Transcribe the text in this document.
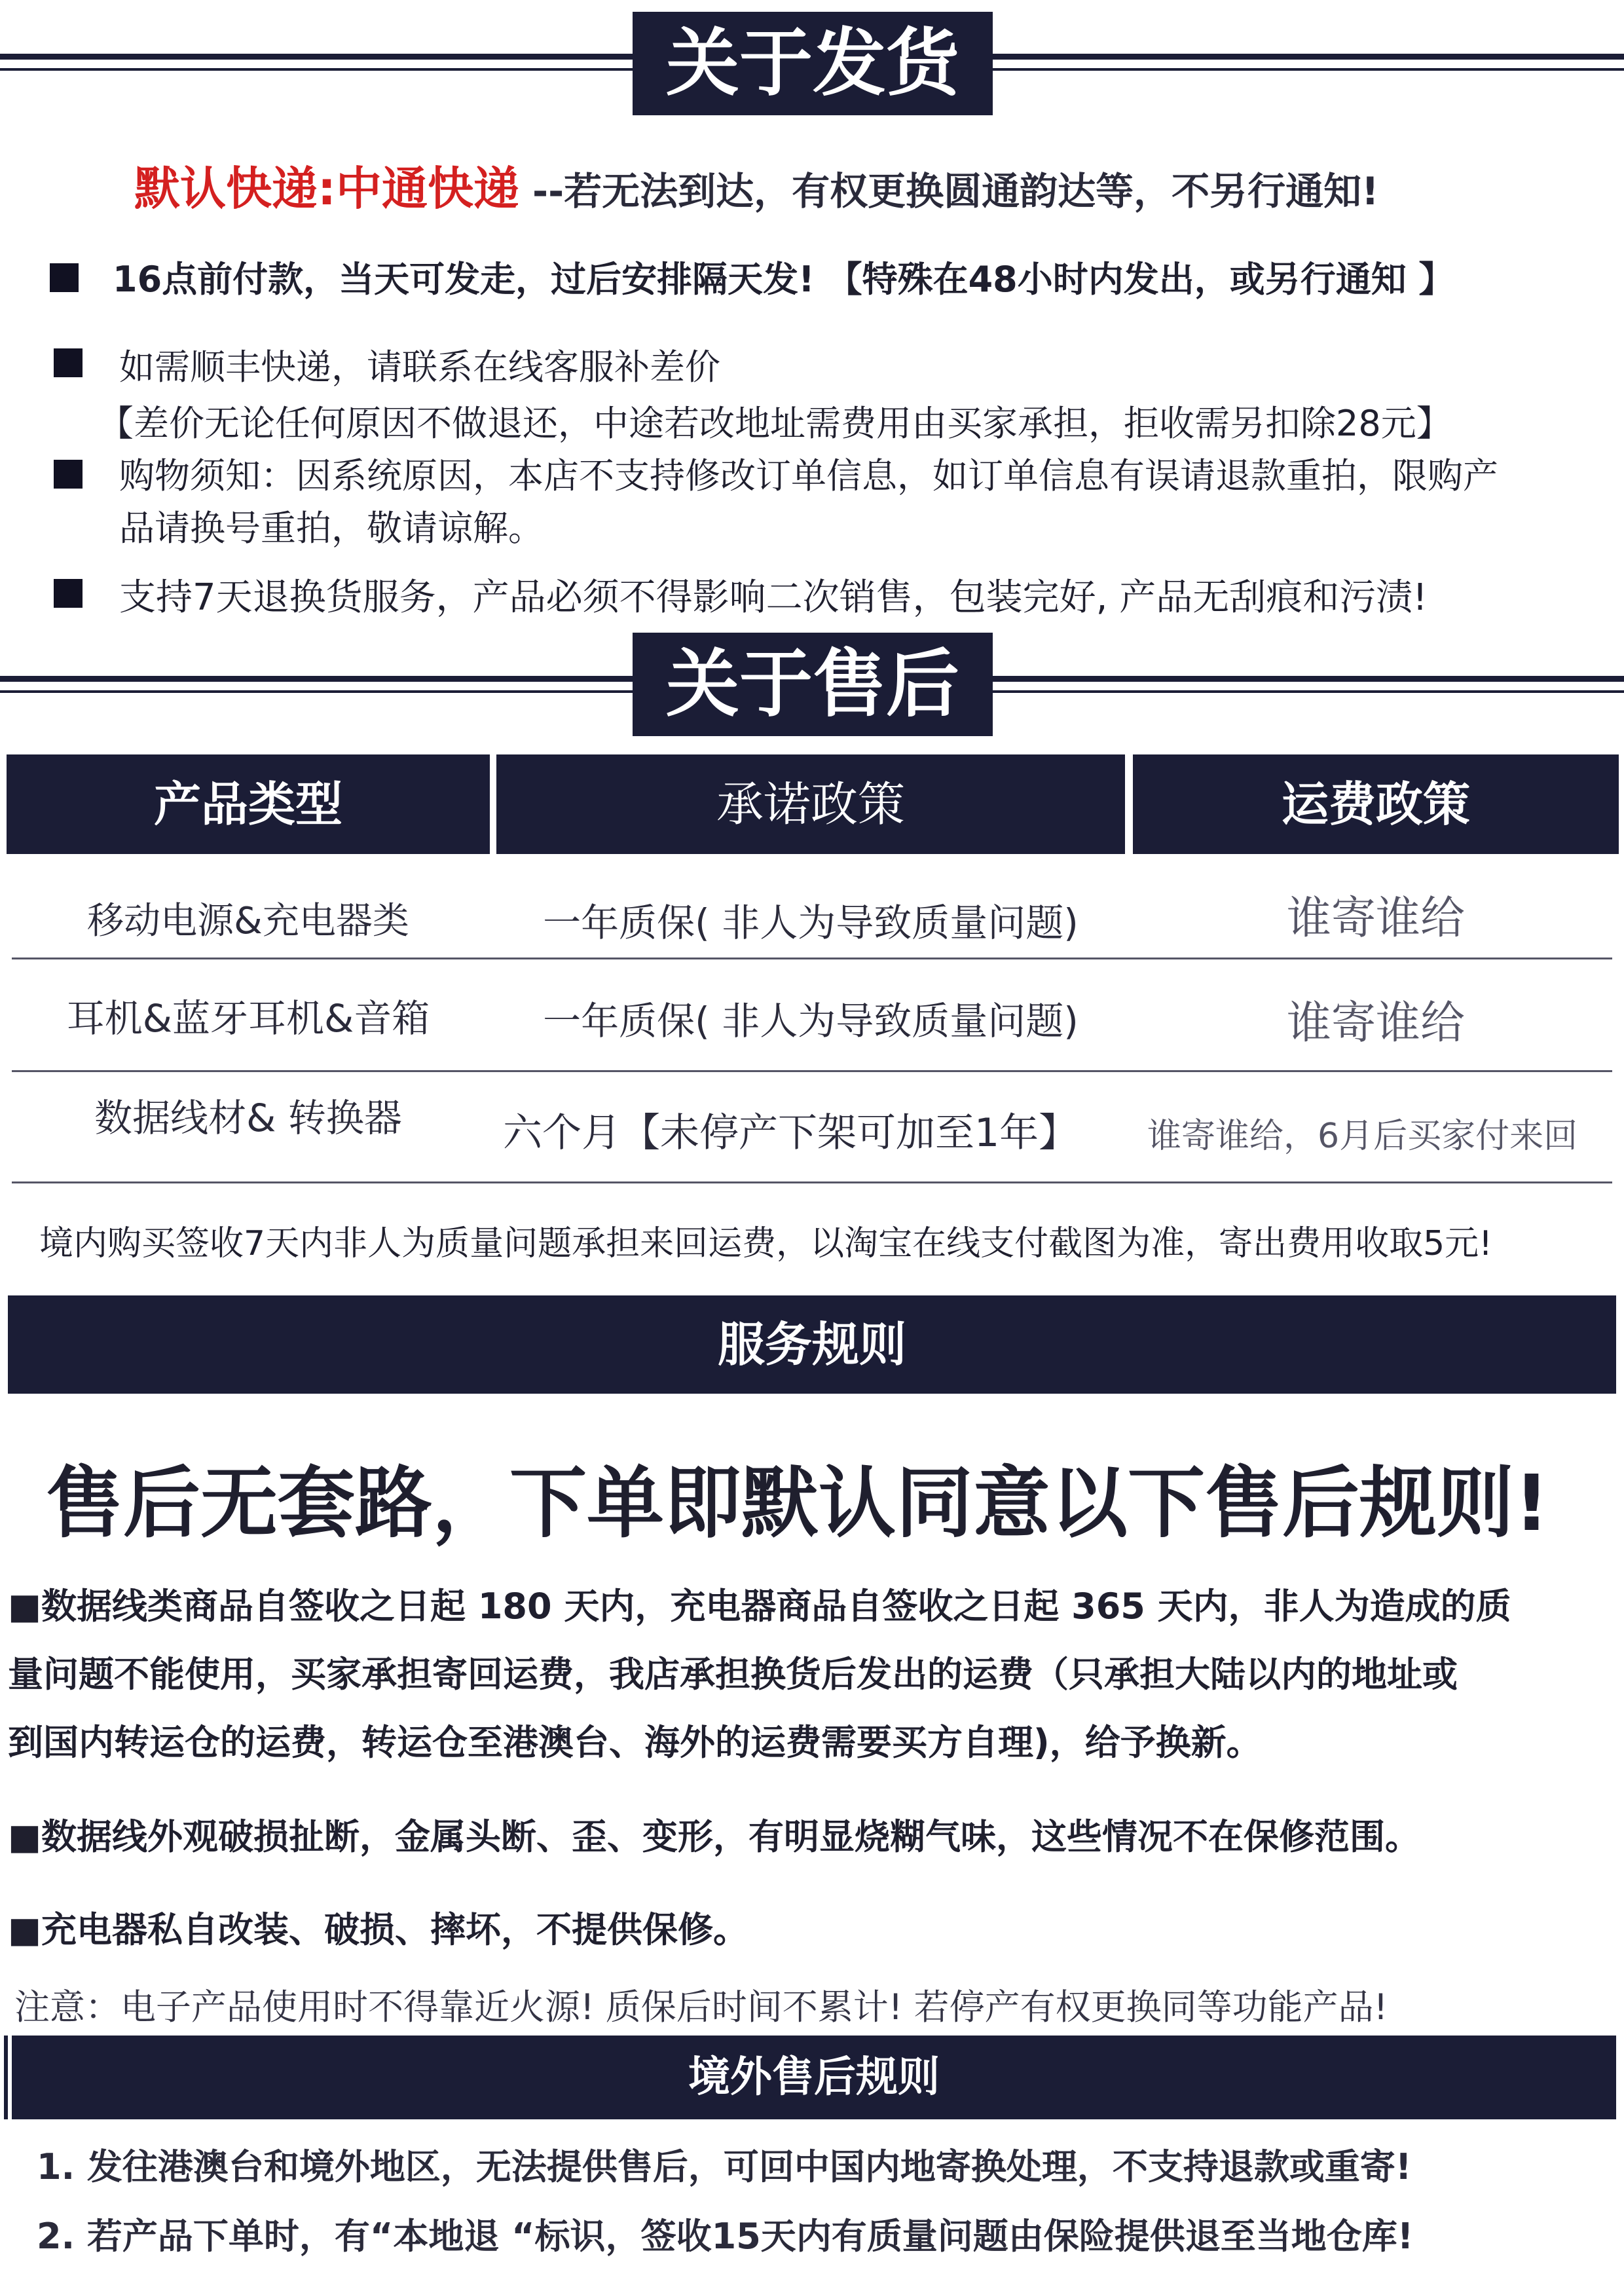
关于发货
默认快递:中通快递 --若无法到达，有权更换圆通韵达等，不另行通知!
16点前付款，当天可发走，过后安排隔天发! 【特殊在48小时内发出，或另行通知 】
如需顺丰快递，请联系在线客服补差价
【差价无论任何原因不做退还，中途若改地址需费用由买家承担，拒收需另扣除28元】
购物须知：因系统原因，本店不支持修改订单信息，如订单信息有误请退款重拍，限购产
品请换号重拍，敬请谅解。
支持7天退换货服务，产品必须不得影响二次销售，包装完好, 产品无刮痕和污渍!
关于售后
产品类型	承诺政策	运费政策
移动电源&充电器类	一年质保( 非人为导致质量问题)	谁寄谁给
耳机&蓝牙耳机&音箱	一年质保( 非人为导致质量问题)	谁寄谁给
数据线材& 转换器	六个月【未停产下架可加至1年】	谁寄谁给，6月后买家付来回
境内购买签收7天内非人为质量问题承担来回运费，以淘宝在线支付截图为准，寄出费用收取5元!
服务规则
售后无套路，下单即默认同意以下售后规则!
■数据线类商品自签收之日起 180 天内，充电器商品自签收之日起 365 天内，非人为造成的质
量问题不能使用，买家承担寄回运费，我店承担换货后发出的运费（只承担大陆以内的地址或
到国内转运仓的运费，转运仓至港澳台、海外的运费需要买方自理)，给予换新。
■数据线外观破损扯断，金属头断、歪、变形，有明显烧糊气味，这些情况不在保修范围。
■充电器私自改装、破损、摔坏，不提供保修。
注意：电子产品使用时不得靠近火源! 质保后时间不累计! 若停产有权更换同等功能产品!
境外售后规则
1. 发往港澳台和境外地区，无法提供售后，可回中国内地寄换处理，不支持退款或重寄!
2. 若产品下单时，有“本地退 “标识，签收15天内有质量问题由保险提供退至当地仓库!
